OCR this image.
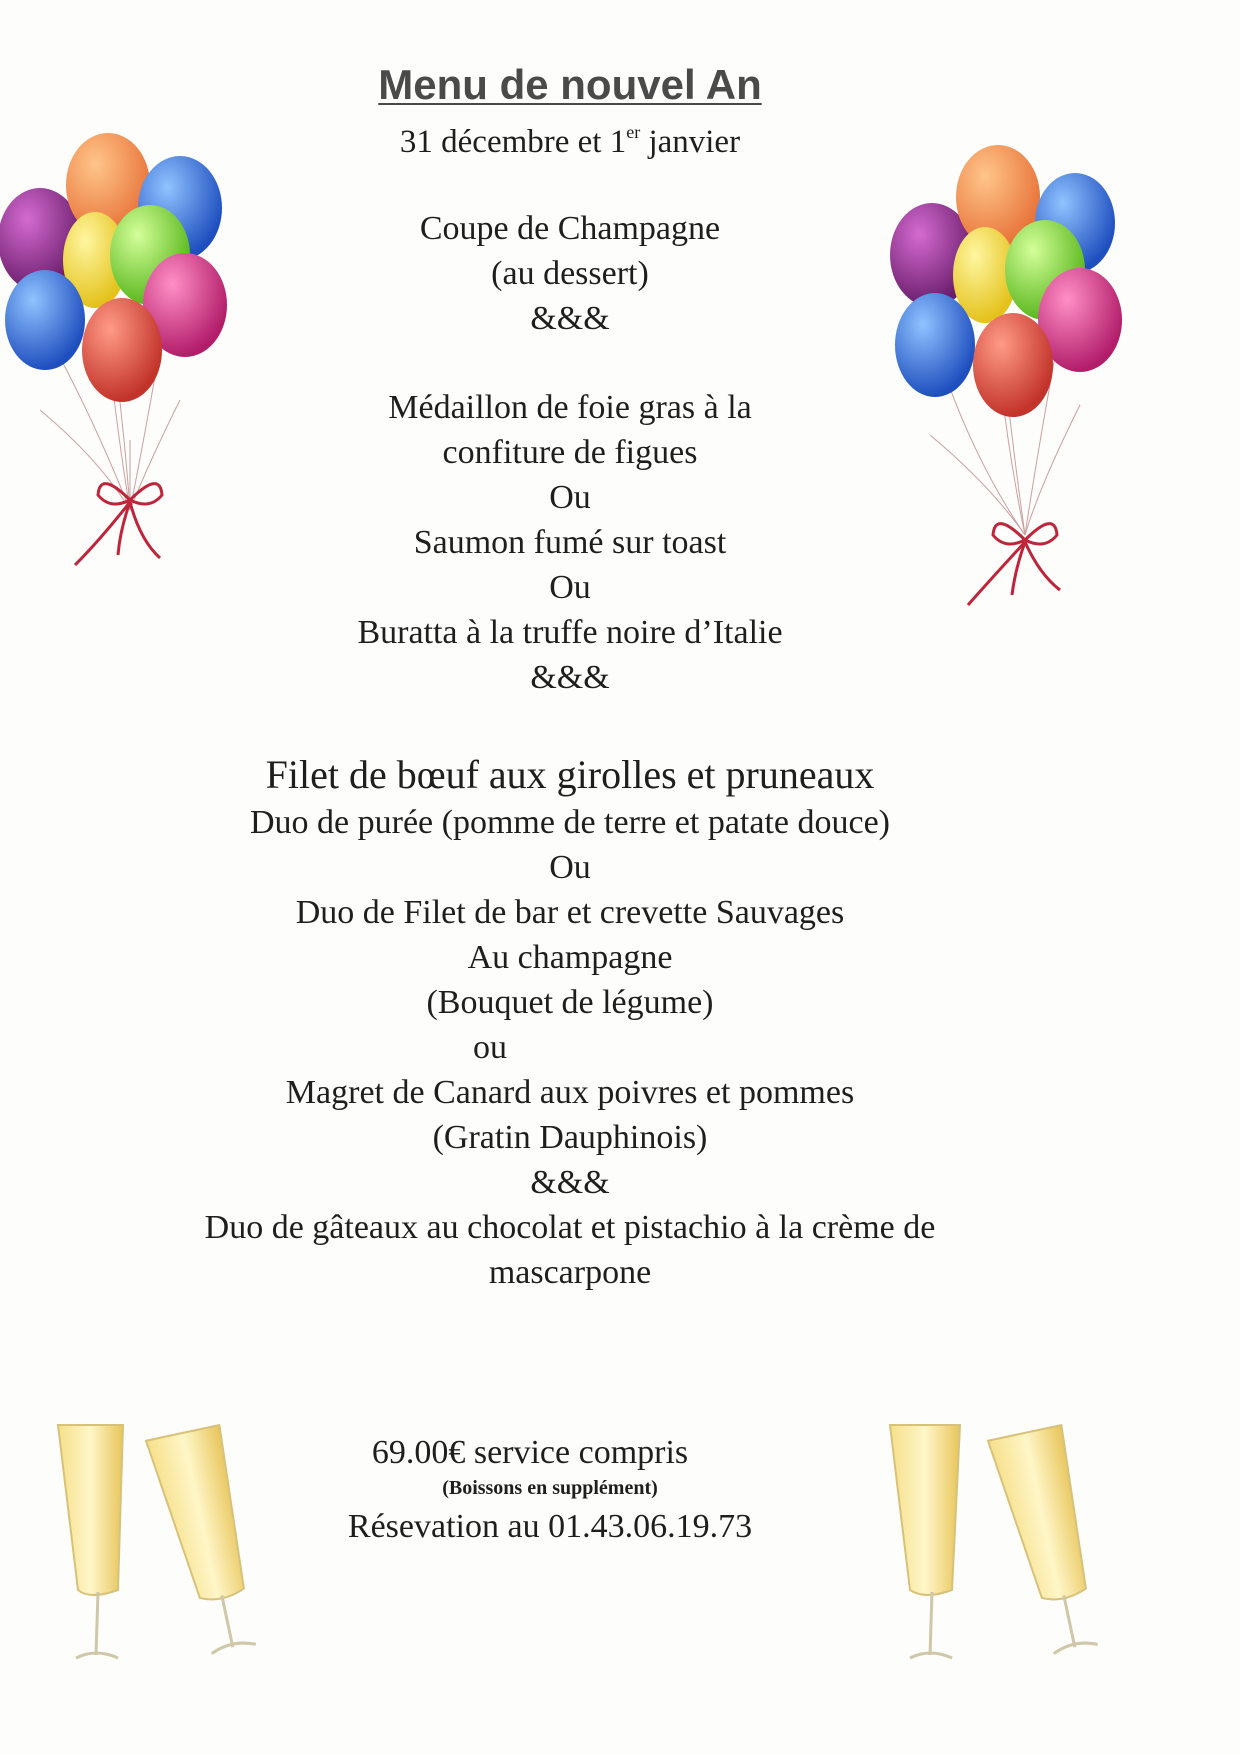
Menu de nouvel An
31 décembre et 1er janvier
Coupe de Champagne
(au dessert)
&&&
Médaillon de foie gras à la
confiture de figues
Ou
Saumon fumé sur toast
Ou
Buratta à la truffe noire d’Italie
&&&
Filet de bœuf aux girolles et pruneaux
Duo de purée (pomme de terre et patate douce)
Ou
Duo de Filet de bar et crevette Sauvages
Au champagne
(Bouquet de légume)
ou
Magret de Canard aux poivres et pommes
(Gratin Dauphinois)
&&&
Duo de gâteaux au chocolat et pistachio à la crème de
mascarpone
69.00€ service compris
(Boissons en supplément)
Résevation au 01.43.06.19.73
